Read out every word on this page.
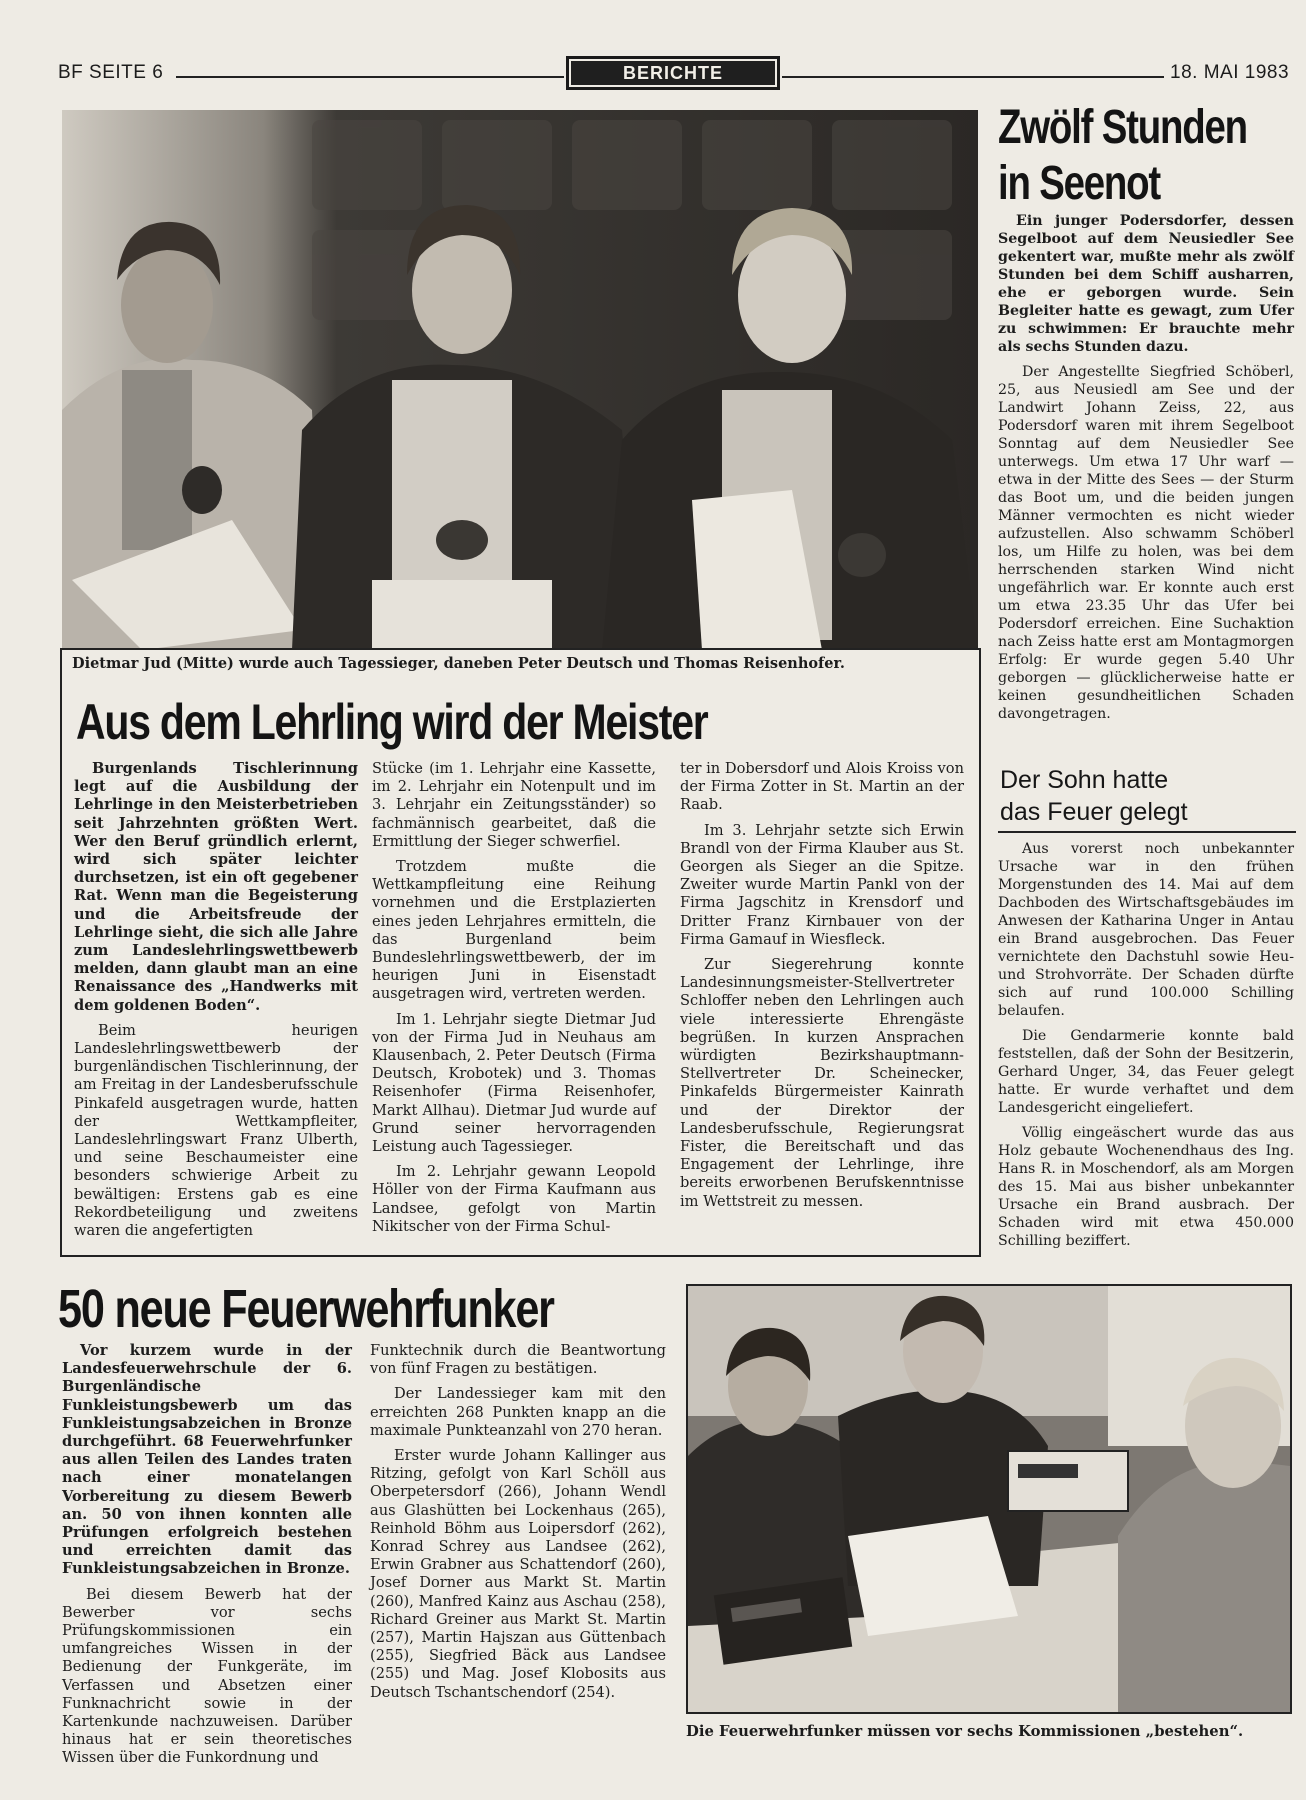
BF SEITE 6	BERICHTE	18. MAI 1983
Dietmar Jud (Mitte) wurde auch Tagessieger, daneben Peter Deutsch und Thomas Reisenhofer.
Aus dem Lehrling wird der Meister

Burgenlands Tischlerinnung legt auf die Ausbildung der Lehrlinge in den Meisterbetrieben seit Jahrzehnten größten Wert. Wer den Beruf gründlich erlernt, wird sich später leichter durchsetzen, ist ein oft gegebener Rat. Wenn man die Begeisterung und die Arbeitsfreude der Lehrlinge sieht, die sich alle Jahre zum Landeslehrlingswettbewerb melden, dann glaubt man an eine Renaissance des „Handwerks mit dem goldenen Boden“.

Beim heurigen Landeslehrlingswettbewerb der burgenländischen Tischlerinnung, der am Freitag in der Landesberufsschule Pinkafeld ausgetragen wurde, hatten der Wettkampfleiter, Landeslehrlingswart Franz Ulberth, und seine Beschaumeister eine besonders schwierige Arbeit zu bewältigen: Erstens gab es eine Rekordbeteiligung und zweitens waren die angefertigten

Stücke (im 1. Lehrjahr eine Kassette, im 2. Lehrjahr ein Notenpult und im 3. Lehrjahr ein Zeitungsständer) so fachmännisch gearbeitet, daß die Ermittlung der Sieger schwerfiel.

Trotzdem mußte die Wettkampfleitung eine Reihung vornehmen und die Erstplazierten eines jeden Lehrjahres ermitteln, die das Burgenland beim Bundeslehrlingswettbewerb, der im heurigen Juni in Eisenstadt ausgetragen wird, vertreten werden.

Im 1. Lehrjahr siegte Dietmar Jud von der Firma Jud in Neuhaus am Klausenbach, 2. Peter Deutsch (Firma Deutsch, Krobotek) und 3. Thomas Reisenhofer (Firma Reisenhofer, Markt Allhau). Dietmar Jud wurde auf Grund seiner hervorragenden Leistung auch Tagessieger.

Im 2. Lehrjahr gewann Leopold Höller von der Firma Kaufmann aus Landsee, gefolgt von Martin Nikitscher von der Firma Schul-

ter in Dobersdorf und Alois Kroiss von der Firma Zotter in St. Martin an der Raab.

Im 3. Lehrjahr setzte sich Erwin Brandl von der Firma Klauber aus St. Georgen als Sieger an die Spitze. Zweiter wurde Martin Pankl von der Firma Jagschitz in Krensdorf und Dritter Franz Kirnbauer von der Firma Gamauf in Wiesfleck.

Zur Siegerehrung konnte Landesinnungsmeister-Stellvertreter Schloffer neben den Lehrlingen auch viele interessierte Ehrengäste begrüßen. In kurzen Ansprachen würdigten Bezirkshauptmann-Stellvertreter Dr. Scheinecker, Pinkafelds Bürgermeister Kainrath und der Direktor der Landesberufsschule, Regierungsrat Fister, die Bereitschaft und das Engagement der Lehrlinge, ihre bereits erworbenen Berufskenntnisse im Wettstreit zu messen.

Zwölf Stunden
in Seenot

Ein junger Podersdorfer, dessen Segelboot auf dem Neusiedler See gekentert war, mußte mehr als zwölf Stunden bei dem Schiff ausharren, ehe er geborgen wurde. Sein Begleiter hatte es gewagt, zum Ufer zu schwimmen: Er brauchte mehr als sechs Stunden dazu.

Der Angestellte Siegfried Schöberl, 25, aus Neusiedl am See und der Landwirt Johann Zeiss, 22, aus Podersdorf waren mit ihrem Segelboot Sonntag auf dem Neusiedler See unterwegs. Um etwa 17 Uhr warf — etwa in der Mitte des Sees — der Sturm das Boot um, und die beiden jungen Männer vermochten es nicht wieder aufzustellen. Also schwamm Schöberl los, um Hilfe zu holen, was bei dem herrschenden starken Wind nicht ungefährlich war. Er konnte auch erst um etwa 23.35 Uhr das Ufer bei Podersdorf erreichen. Eine Suchaktion nach Zeiss hatte erst am Montagmorgen Erfolg: Er wurde gegen 5.40 Uhr geborgen — glücklicherweise hatte er keinen gesundheitlichen Schaden davongetragen.

Der Sohn hatte
das Feuer gelegt

Aus vorerst noch unbekannter Ursache war in den frühen Morgenstunden des 14. Mai auf dem Dachboden des Wirtschaftsgebäudes im Anwesen der Katharina Unger in Antau ein Brand ausgebrochen. Das Feuer vernichtete den Dachstuhl sowie Heu- und Strohvorräte. Der Schaden dürfte sich auf rund 100.000 Schilling belaufen.

Die Gendarmerie konnte bald feststellen, daß der Sohn der Besitzerin, Gerhard Unger, 34, das Feuer gelegt hatte. Er wurde verhaftet und dem Landesgericht eingeliefert.

Völlig eingeäschert wurde das aus Holz gebaute Wochenendhaus des Ing. Hans R. in Moschendorf, als am Morgen des 15. Mai aus bisher unbekannter Ursache ein Brand ausbrach. Der Schaden wird mit etwa 450.000 Schilling beziffert.

50 neue Feuerwehrfunker

Vor kurzem wurde in der Landesfeuerwehrschule der 6. Burgenländische Funkleistungsbewerb um das Funkleistungsabzeichen in Bronze durchgeführt. 68 Feuerwehrfunker aus allen Teilen des Landes traten nach einer monatelangen Vorbereitung zu diesem Bewerb an. 50 von ihnen konnten alle Prüfungen erfolgreich bestehen und erreichten damit das Funkleistungsabzeichen in Bronze.

Bei diesem Bewerb hat der Bewerber vor sechs Prüfungskommissionen ein umfangreiches Wissen in der Bedienung der Funkgeräte, im Verfassen und Absetzen einer Funknachricht sowie in der Kartenkunde nachzuweisen. Darüber hinaus hat er sein theoretisches Wissen über die Funkordnung und

Funktechnik durch die Beantwortung von fünf Fragen zu bestätigen.

Der Landessieger kam mit den erreichten 268 Punkten knapp an die maximale Punkteanzahl von 270 heran.

Erster wurde Johann Kallinger aus Ritzing, gefolgt von Karl Schöll aus Oberpetersdorf (266), Johann Wendl aus Glashütten bei Lockenhaus (265), Reinhold Böhm aus Loipersdorf (262), Konrad Schrey aus Landsee (262), Erwin Grabner aus Schattendorf (260), Josef Dorner aus Markt St. Martin (260), Manfred Kainz aus Aschau (258), Richard Greiner aus Markt St. Martin (257), Martin Hajszan aus Güttenbach (255), Siegfried Bäck aus Landsee (255) und Mag. Josef Klobosits aus Deutsch Tschantschendorf (254).

Die Feuerwehrfunker müssen vor sechs Kommissionen „bestehen“.
